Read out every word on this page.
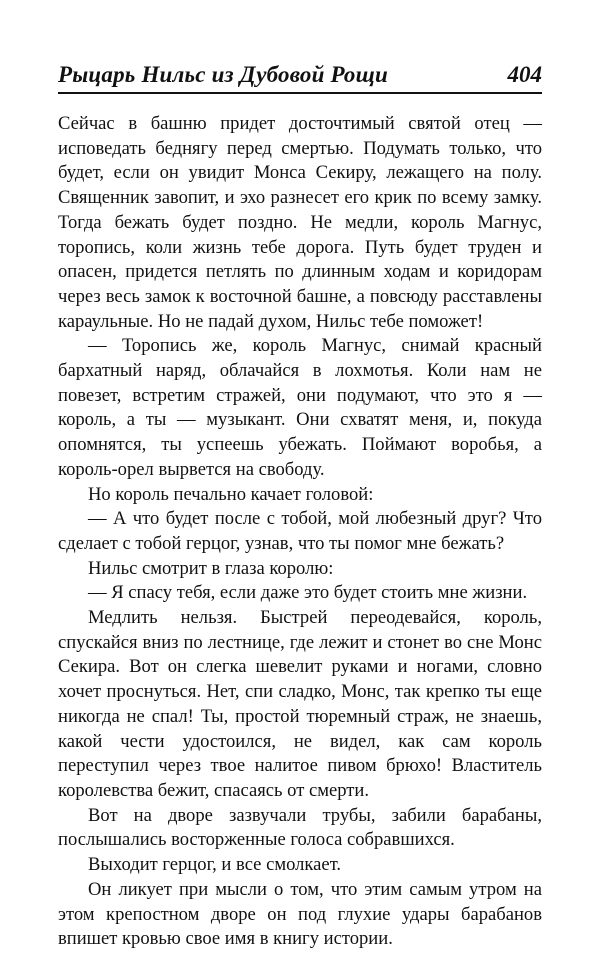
Рыцарь Нильс из Дубовой Рощи	404

Сейчас в башню придет досточтимый святой отец — исповедать беднягу перед смертью. Подумать только, что будет, если он увидит Монса Секиру, лежащего на полу. Священник завопит, и эхо разнесет его крик по всему замку. Тогда бежать будет поздно. Не медли, король Магнус, торопись, коли жизнь тебе дорога. Путь будет труден и опасен, придется петлять по длинным ходам и коридорам через весь замок к восточной башне, а повсюду расставлены караульные. Но не падай духом, Нильс тебе поможет!

— Торопись же, король Магнус, снимай красный бархатный наряд, облачайся в лохмотья. Коли нам не повезет, встретим стражей, они подумают, что это я — король, а ты — музыкант. Они схватят меня, и, покуда опомнятся, ты успеешь убежать. Поймают воробья, а король-орел вырвется на свободу.

Но король печально качает головой:

— А что будет после с тобой, мой любезный друг? Что сделает с тобой герцог, узнав, что ты помог мне бежать?

Нильс смотрит в глаза королю:

— Я спасу тебя, если даже это будет стоить мне жизни.

Медлить нельзя. Быстрей переодевайся, король, спускайся вниз по лестнице, где лежит и стонет во сне Монс Секира. Вот он слегка шевелит руками и ногами, словно хочет проснуться. Нет, спи сладко, Монс, так крепко ты еще никогда не спал! Ты, простой тюремный страж, не знаешь, какой чести удостоился, не видел, как сам король переступил через твое налитое пивом брюхо! Властитель королевства бежит, спасаясь от смерти.

Вот на дворе зазвучали трубы, забили барабаны, послышались восторженные голоса собравшихся.

Выходит герцог, и все смолкает.

Он ликует при мысли о том, что этим самым утром на этом крепостном дворе он под глухие удары барабанов впишет кровью свое имя в книгу истории.
